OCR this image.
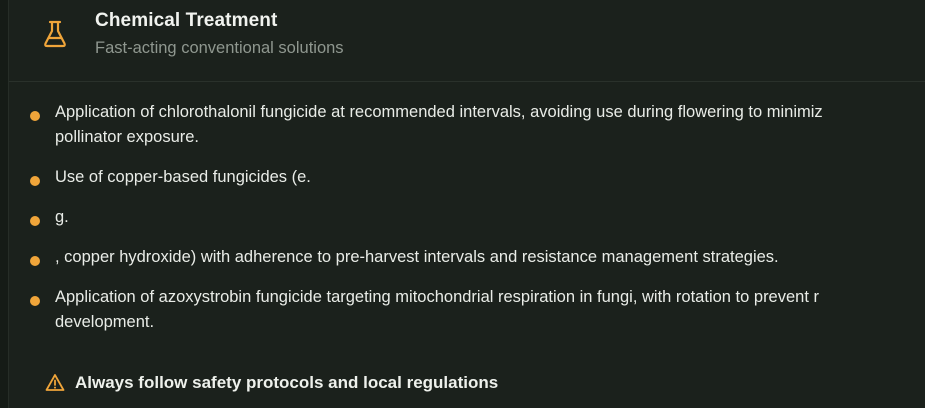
Chemical Treatment
Fast-acting conventional solutions
Application of chlorothalonil fungicide at recommended intervals, avoiding use during flowering to minimiz
pollinator exposure.
Use of copper-based fungicides (e.
g.
, copper hydroxide) with adherence to pre-harvest intervals and resistance management strategies.
Application of azoxystrobin fungicide targeting mitochondrial respiration in fungi, with rotation to prevent r
development.
Always follow safety protocols and local regulations
